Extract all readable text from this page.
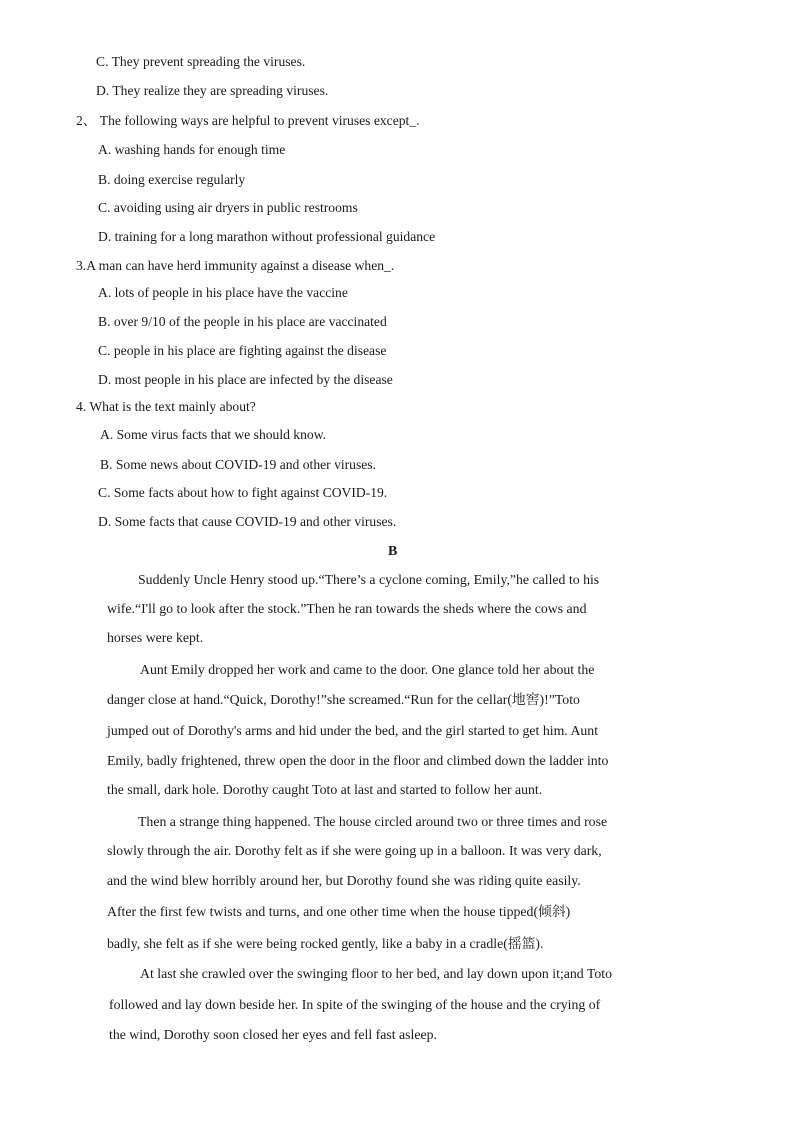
C. They prevent spreading the viruses.
D. They realize they are spreading viruses.
2、 The following ways are helpful to prevent viruses except_.
A. washing hands for enough time
B. doing exercise regularly
C. avoiding using air dryers in public restrooms
D. training for a long marathon without professional guidance
3.A man can have herd immunity against a disease when_.
A. lots of people in his place have the vaccine
B. over 9/10 of the people in his place are vaccinated
C. people in his place are fighting against the disease
D. most people in his place are infected by the disease
4. What is the text mainly about?
A. Some virus facts that we should know.
B. Some news about COVID-19 and other viruses.
C. Some facts about how to fight against COVID-19.
D. Some facts that cause COVID-19 and other viruses.
B
Suddenly Uncle Henry stood up.“There’s a cyclone coming, Emily,”he called to his
wife.“I'll go to look after the stock.”Then he ran towards the sheds where the cows and
horses were kept.
Aunt Emily dropped her work and came to the door. One glance told her about the
danger close at hand.“Quick, Dorothy!”she screamed.“Run for the cellar(地窖)!”Toto
jumped out of Dorothy's arms and hid under the bed, and the girl started to get him. Aunt
Emily, badly frightened, threw open the door in the floor and climbed down the ladder into
the small, dark hole. Dorothy caught Toto at last and started to follow her aunt.
Then a strange thing happened. The house circled around two or three times and rose
slowly through the air. Dorothy felt as if she were going up in a balloon. It was very dark,
and the wind blew horribly around her, but Dorothy found she was riding quite easily.
After the first few twists and turns, and one other time when the house tipped(倾斜)
badly, she felt as if she were being rocked gently, like a baby in a cradle(摇篮).
At last she crawled over the swinging floor to her bed, and lay down upon it;and Toto
followed and lay down beside her. In spite of the swinging of the house and the crying of
the wind, Dorothy soon closed her eyes and fell fast asleep.
